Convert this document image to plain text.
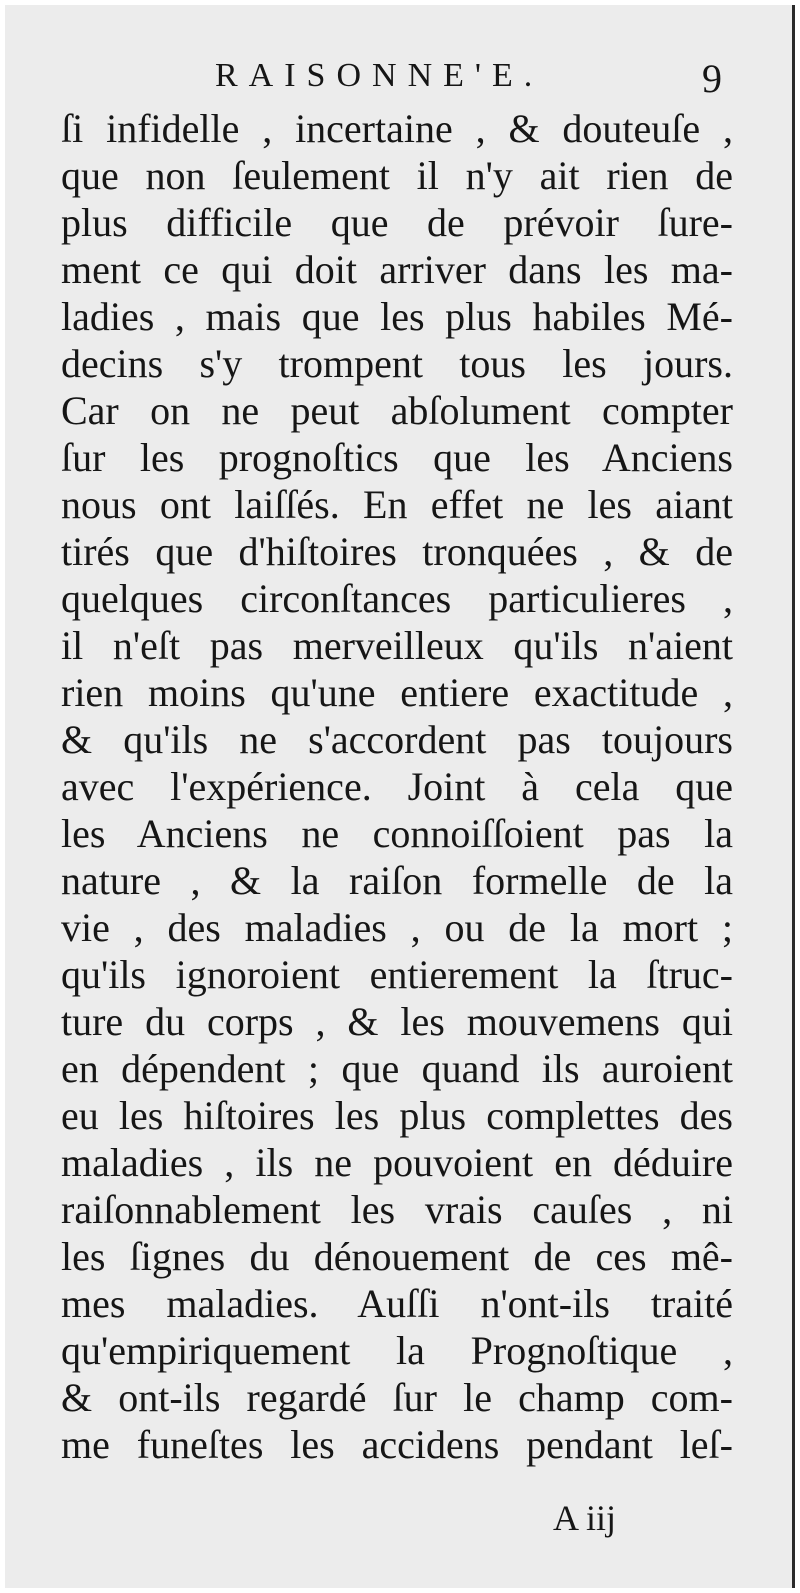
RAISONNE'E.	9
ſi infidelle , incertaine , & douteuſe ,
que non ſeulement il n'y ait rien de
plus difficile que de prévoir ſure-
ment ce qui doit arriver dans les ma-
ladies , mais que les plus habiles Mé-
decins s'y trompent tous les jours.
Car on ne peut abſolument compter
ſur les prognoſtics que les Anciens
nous ont laiſſés. En effet ne les aiant
tirés que d'hiſtoires tronquées , & de
quelques circonſtances particulieres ,
il n'eſt pas merveilleux qu'ils n'aient
rien moins qu'une entiere exactitude ,
& qu'ils ne s'accordent pas toujours
avec l'expérience. Joint à cela que
les Anciens ne connoiſſoient pas la
nature , & la raiſon formelle de la
vie , des maladies , ou de la mort ;
qu'ils ignoroient entierement la ſtruc-
ture du corps , & les mouvemens qui
en dépendent ; que quand ils auroient
eu les hiſtoires les plus complettes des
maladies , ils ne pouvoient en déduire
raiſonnablement les vrais cauſes , ni
les ſignes du dénouement de ces mê-
mes maladies. Auſſi n'ont-ils traité
qu'empiriquement la Prognoſtique ,
& ont-ils regardé ſur le champ com-
me funeſtes les accidens pendant leſ-
A iij
